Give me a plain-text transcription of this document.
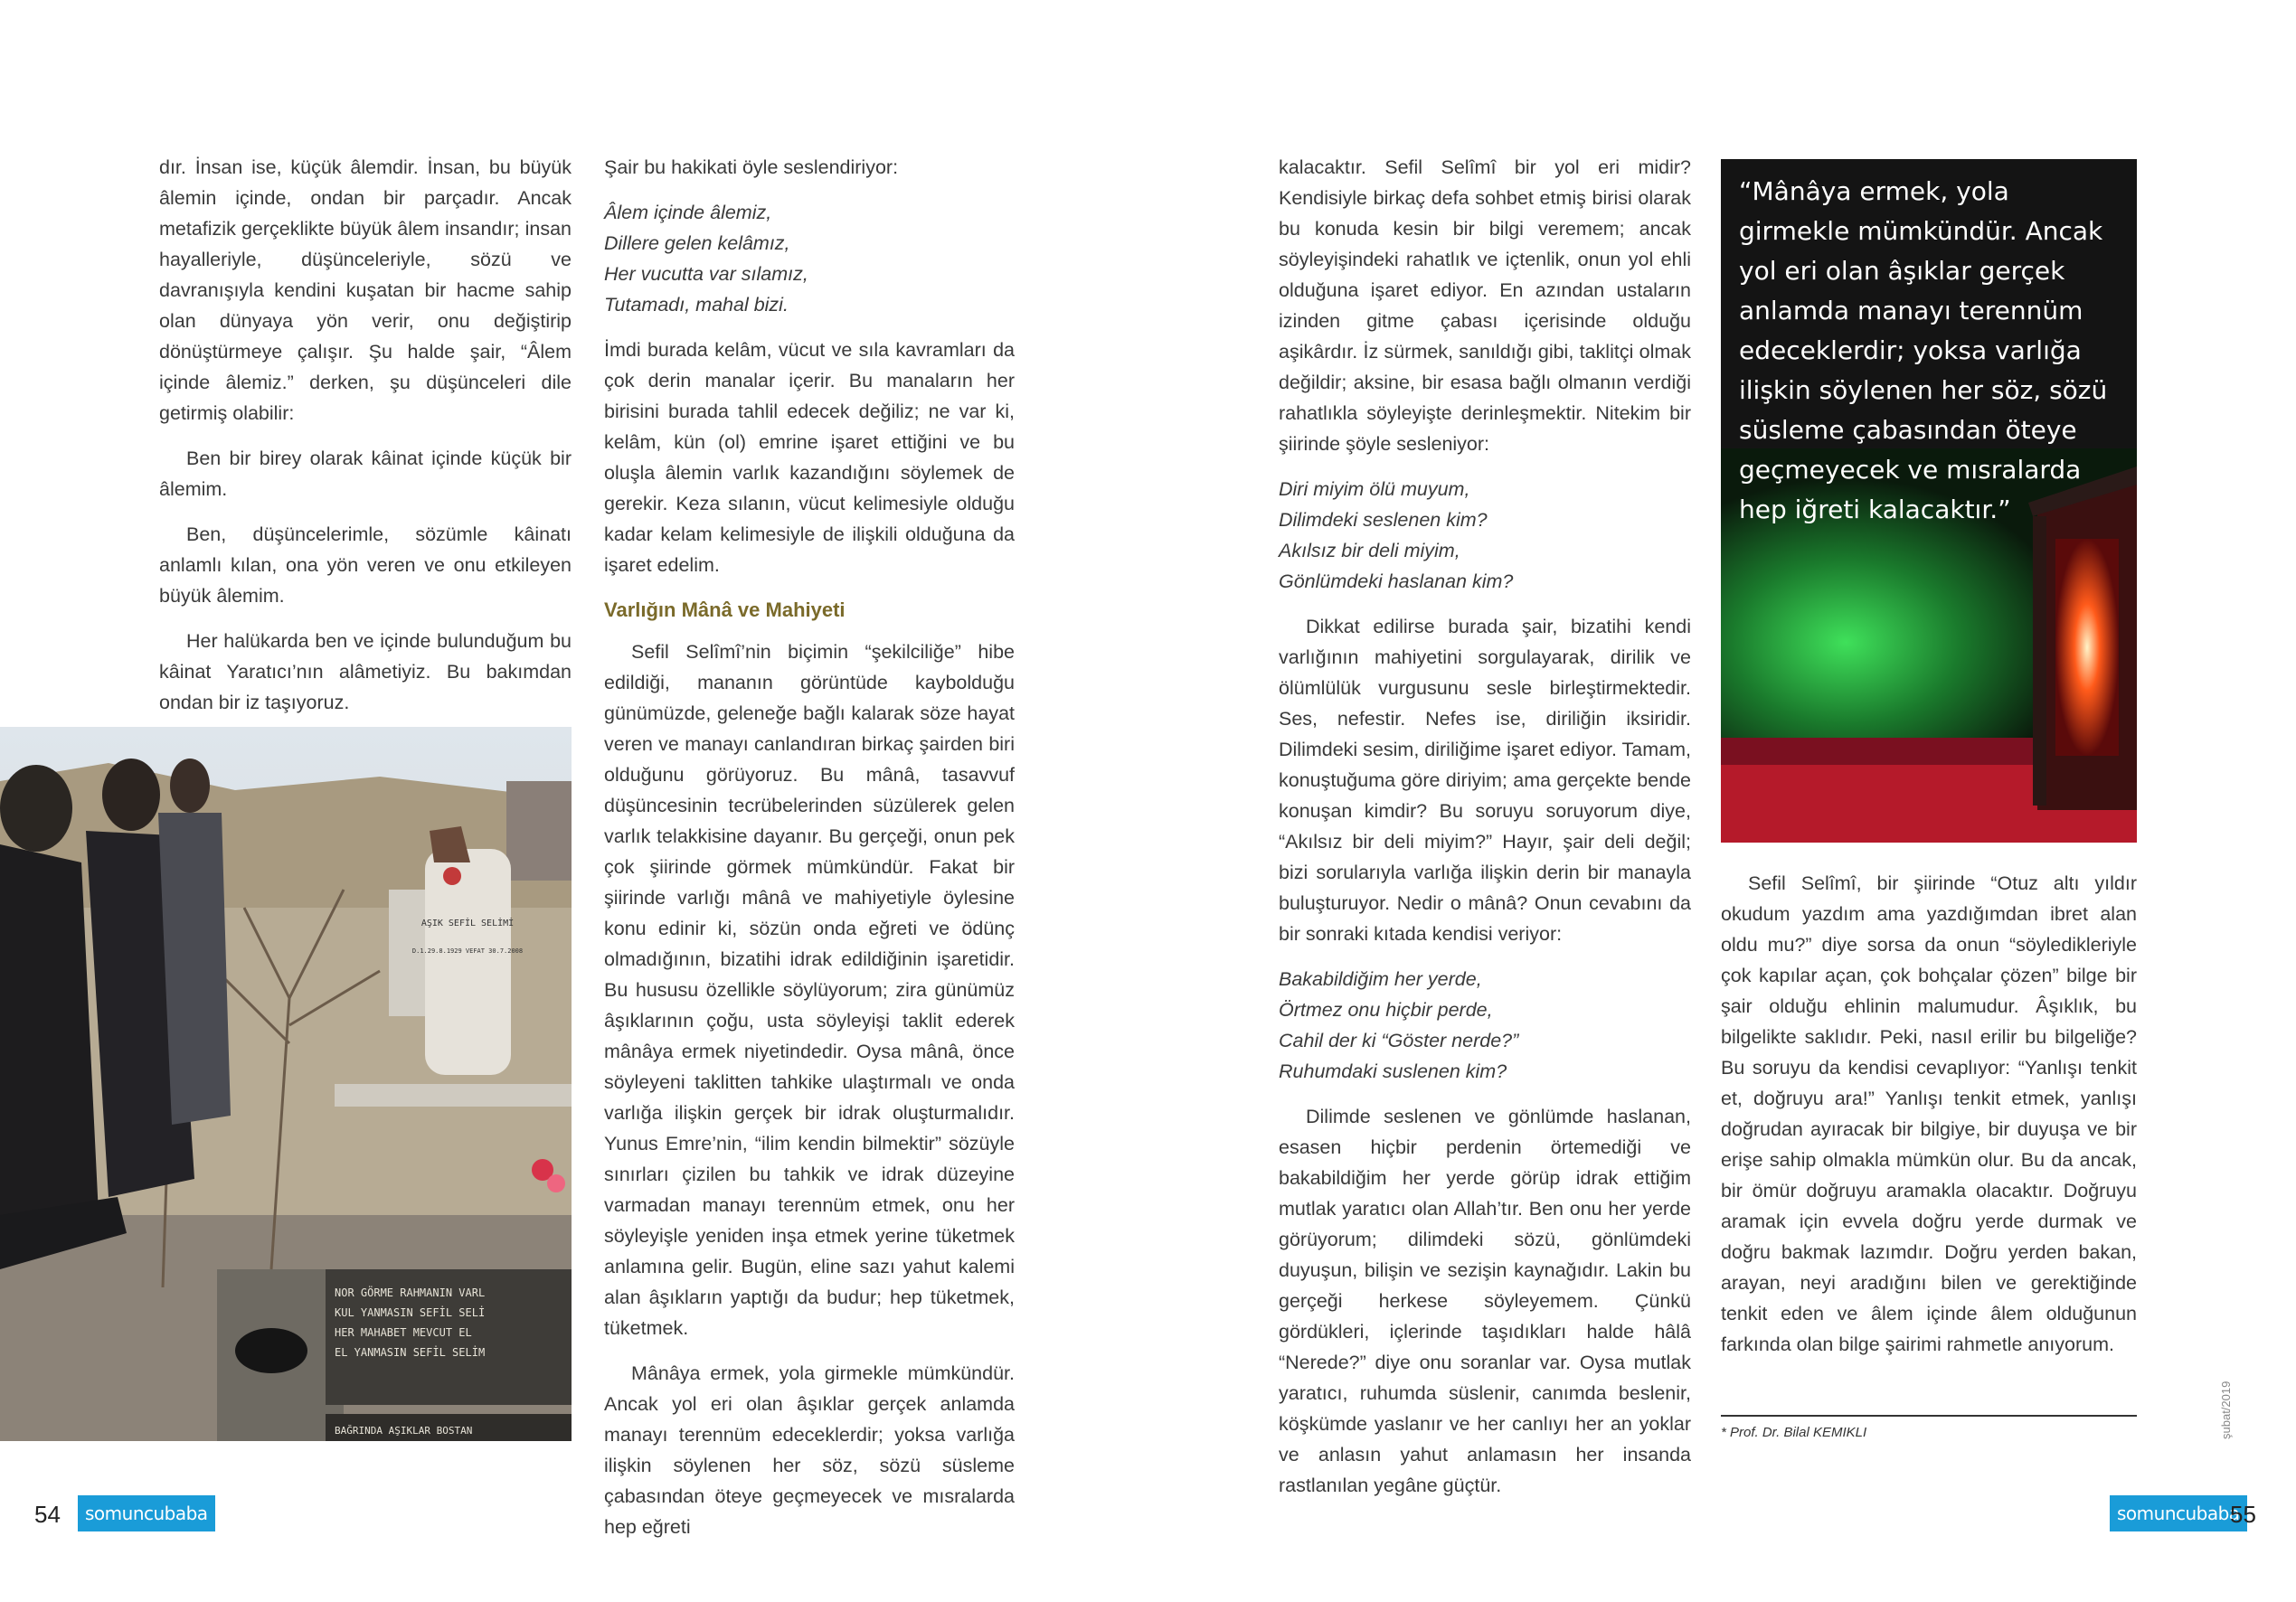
dır. İnsan ise, küçük âlemdir. İnsan, bu büyük âlemin içinde, ondan bir parçadır. Ancak metafizik gerçeklikte büyük âlem insandır; insan hayalleriyle, düşünceleriyle, sözü ve davranışıyla kendini kuşatan bir hacme sahip olan dünyaya yön verir, onu değiştirip dönüştürmeye çalışır. Şu halde şair, “Âlem içinde âlemiz.” derken, şu düşünceleri dile getirmiş olabilir:

Ben bir birey olarak kâinat içinde küçük bir âlemim.

Ben, düşüncelerimle, sözümle kâinatı anlamlı kılan, ona yön veren ve onu etkileyen büyük âlemim.

Her halükarda ben ve içinde bulunduğum bu kâinat Yaratıcı’nın alâmetiyiz. Bu bakımdan ondan bir iz taşıyoruz.

AŞIK SEFİL SELİMİ
D.1.29.8.1929 VEFAT 30.7.2008
NOR GÖRME RAHMANIN VARL
KUL YANMASIN SEFİL SELİ
HER MAHABET MEVCUT EL
EL YANMASIN SEFİL SELİM
BAĞRINDA AŞIKLAR BOSTAN

Şair bu hakikati öyle seslendiriyor:

Âlem içinde âlemiz,
Dillere gelen kelâmız,
Her vucutta var sılamız,
Tutamadı, mahal bizi.

İmdi burada kelâm, vücut ve sıla kavramları da çok derin manalar içerir. Bu manaların her birisini burada tahlil edecek değiliz; ne var ki, kelâm, kün (ol) emrine işaret ettiğini ve bu oluşla âlemin varlık kazandığını söylemek de gerekir. Keza sılanın, vücut kelimesiyle olduğu kadar kelam kelimesiyle de ilişkili olduğuna da işaret edelim.

Varlığın Mânâ ve Mahiyeti

Sefil Selîmî’nin biçimin “şekilciliğe” hibe edildiği, mananın görüntüde kaybolduğu günümüzde, geleneğe bağlı kalarak söze hayat veren ve manayı canlandıran birkaç şairden biri olduğunu görüyoruz. Bu mânâ, tasavvuf düşüncesinin tecrübelerinden süzülerek gelen varlık telakkisine dayanır. Bu gerçeği, onun pek çok şiirinde görmek mümkündür. Fakat bir şiirinde varlığı mânâ ve mahiyetiyle öylesine konu edinir ki, sözün onda eğreti ve ödünç olmadığının, bizatihi idrak edildiğinin işaretidir. Bu hususu özellikle söylüyorum; zira günümüz âşıklarının çoğu, usta söyleyişi taklit ederek mânâya ermek niyetindedir. Oysa mânâ, önce söyleyeni taklitten tahkike ulaştırmalı ve onda varlığa ilişkin gerçek bir idrak oluşturmalıdır. Yunus Emre’nin, “ilim kendin bilmektir” sözüyle sınırları çizilen bu tahkik ve idrak düzeyine varmadan manayı terennüm etmek, onu her söyleyişle yeniden inşa etmek yerine tüketmek anlamına gelir. Bugün, eline sazı yahut kalemi alan âşıkların yaptığı da budur; hep tüketmek, tüketmek.

Mânâya ermek, yola girmekle mümkündür. Ancak yol eri olan âşıklar gerçek anlamda manayı terennüm edeceklerdir; yoksa varlığa ilişkin söylenen her söz, sözü süsleme çabasından öteye geçmeyecek ve mısralarda hep eğreti

kalacaktır. Sefil Selîmî bir yol eri midir? Kendisiyle birkaç defa sohbet etmiş birisi olarak bu konuda kesin bir bilgi veremem; ancak söyleyişindeki rahatlık ve içtenlik, onun yol ehli olduğuna işaret ediyor. En azından ustaların izinden gitme çabası içerisinde olduğu aşikârdır. İz sürmek, sanıldığı gibi, taklitçi olmak değildir; aksine, bir esasa bağlı olmanın verdiği rahatlıkla söyleyişte derinleşmektir. Nitekim bir şiirinde şöyle sesleniyor:

Diri miyim ölü muyum,
Dilimdeki seslenen kim?
Akılsız bir deli miyim,
Gönlümdeki haslanan kim?

Dikkat edilirse burada şair, bizatihi kendi varlığının mahiyetini sorgulayarak, dirilik ve ölümlülük vurgusunu sesle birleştirmektedir. Ses, nefestir. Nefes ise, diriliğin iksiridir. Dilimdeki sesim, diriliğime işaret ediyor. Tamam, konuştuğuma göre diriyim; ama gerçekte bende konuşan kimdir? Bu soruyu soruyorum diye, “Akılsız bir deli miyim?” Hayır, şair deli değil; bizi sorularıyla varlığa ilişkin derin bir manayla buluşturuyor. Nedir o mânâ? Onun cevabını da bir sonraki kıtada kendisi veriyor:

Bakabildiğim her yerde,
Örtmez onu hiçbir perde,
Cahil der ki “Göster nerde?”
Ruhumdaki suslenen kim?

Dilimde seslenen ve gönlümde haslanan, esasen hiçbir perdenin örtemediği ve bakabildiğim her yerde görüp idrak ettiğim mutlak yaratıcı olan Allah’tır. Ben onu her yerde görüyorum; dilimdeki sözü, gönlümdeki duyuşun, bilişin ve sezişin kaynağıdır. Lakin bu gerçeği herkese söyleyemem. Çünkü gördükleri, içlerinde taşıdıkları halde hâlâ “Nerede?” diye onu soranlar var. Oysa mutlak yaratıcı, ruhumda süslenir, canımda beslenir, köşkümde yaslanır ve her canlıyı her an yoklar ve anlasın yahut anlamasın her insanda rastlanılan yegâne güçtür.

“Mânâya ermek, yola girmekle mümkündür. Ancak yol eri olan âşıklar gerçek anlamda manayı terennüm edeceklerdir; yoksa varlığa ilişkin söylenen her söz, sözü süsleme çabasından öteye geçmeyecek ve mısralarda hep iğreti kalacaktır.”

Sefil Selîmî, bir şiirinde “Otuz altı yıldır okudum yazdım ama yazdığımdan ibret alan oldu mu?” diye sorsa da onun “söyledikleriyle çok kapılar açan, çok bohçalar çözen” bilge bir şair olduğu ehlinin malumudur. Âşıklık, bu bilgelikte saklıdır. Peki, nasıl erilir bu bilgeliğe? Bu soruyu da kendisi cevaplıyor: “Yanlışı tenkit et, doğruyu ara!” Yanlışı tenkit etmek, yanlışı doğrudan ayıracak bir bilgiye, bir duyuşa ve bir erişe sahip olmakla mümkün olur. Bu da ancak, bir ömür doğruyu aramakla olacaktır. Doğruyu aramak için evvela doğru yerde durmak ve doğru bakmak lazımdır. Doğru yerden bakan, arayan, neyi aradığını bilen ve gerektiğinde tenkit eden ve âlem içinde âlem olduğunun farkında olan bilge şairimi rahmetle anıyorum.

* Prof. Dr. Bilal KEMIKLI
54	somuncubaba
şubat/2019
somuncubaba
55
